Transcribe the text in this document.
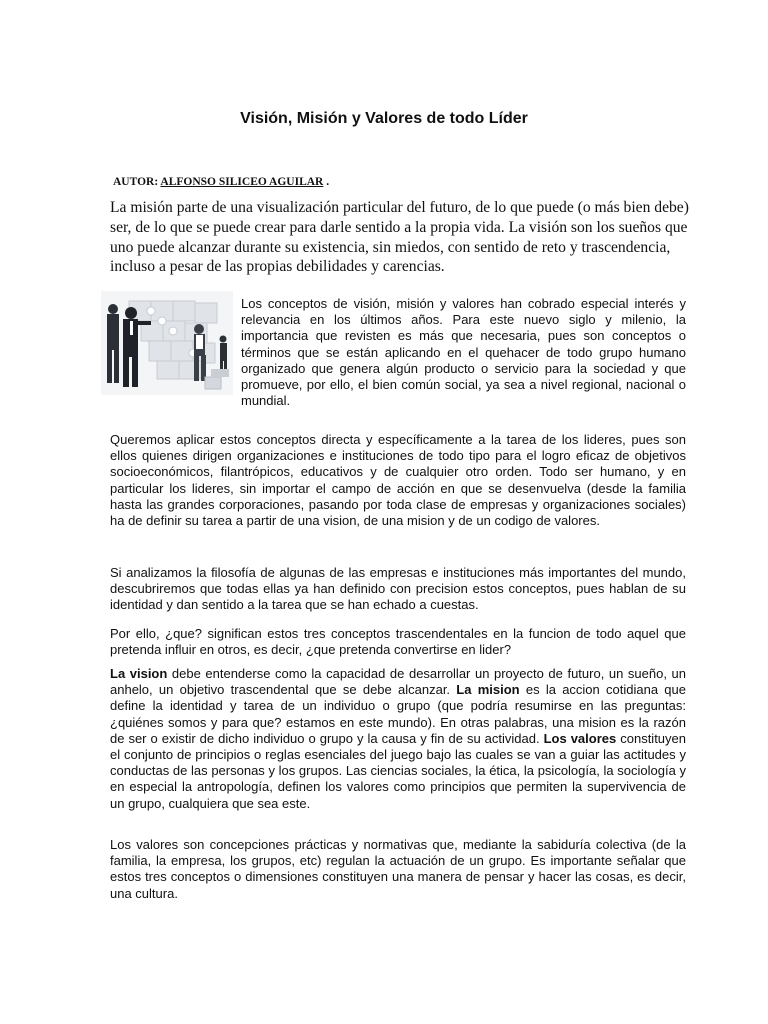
Visión, Misión y Valores de todo Líder
AUTOR: ALFONSO SILICEO AGUILAR .

La misión parte de una visualización particular del futuro, de lo que puede (o más bien debe) ser, de lo que se puede crear para darle sentido a la propia vida. La visión son los sueños que uno puede alcanzar durante su existencia, sin miedos, con sentido de reto y trascendencia, incluso a pesar de las propias debilidades y carencias.

Los conceptos de visión, misión y valores han cobrado especial interés y relevancia en los últimos años. Para este nuevo siglo y milenio, la importancia que revisten es más que necesaria, pues son conceptos o términos que se están aplicando en el quehacer de todo grupo humano organizado que genera algún producto o servicio para la sociedad y que promueve, por ello, el bien común social, ya sea a nivel regional, nacional o mundial.

Queremos aplicar estos conceptos directa y específicamente a la tarea de los lideres, pues son ellos quienes dirigen organizaciones e instituciones de todo tipo para el logro eficaz de objetivos socioeconómicos, filantrópicos, educativos y de cualquier otro orden. Todo ser humano, y en particular los lideres, sin importar el campo de acción en que se desenvuelva (desde la familia hasta las grandes corporaciones, pasando por toda clase de empresas y organizaciones sociales) ha de definir su tarea a partir de una vision, de una mision y de un codigo de valores.

Si analizamos la filosofía de algunas de las empresas e instituciones más importantes del mundo, descubriremos que todas ellas ya han definido con precision estos conceptos, pues hablan de su identidad y dan sentido a la tarea que se han echado a cuestas.

Por ello, ¿que? significan estos tres conceptos trascendentales en la funcion de todo aquel que pretenda influir en otros, es decir, ¿que pretenda convertirse en lider?

La vision debe entenderse como la capacidad de desarrollar un proyecto de futuro, un sueño, un anhelo, un objetivo trascendental que se debe alcanzar. La mision es la accion cotidiana que define la identidad y tarea de un individuo o grupo (que podría resumirse en las preguntas: ¿quiénes somos y para que? estamos en este mundo). En otras palabras, una mision es la razón de ser o existir de dicho individuo o grupo y la causa y fin de su actividad. Los valores constituyen el conjunto de principios o reglas esenciales del juego bajo las cuales se van a guiar las actitudes y conductas de las personas y los grupos. Las ciencias sociales, la ética, la psicología, la sociología y en especial la antropología, definen los valores como principios que permiten la supervivencia de un grupo, cualquiera que sea este.

Los valores son concepciones prácticas y normativas que, mediante la sabiduría colectiva (de la familia, la empresa, los grupos, etc) regulan la actuación de un grupo. Es importante señalar que estos tres conceptos o dimensiones constituyen una manera de pensar y hacer las cosas, es decir, una cultura.
